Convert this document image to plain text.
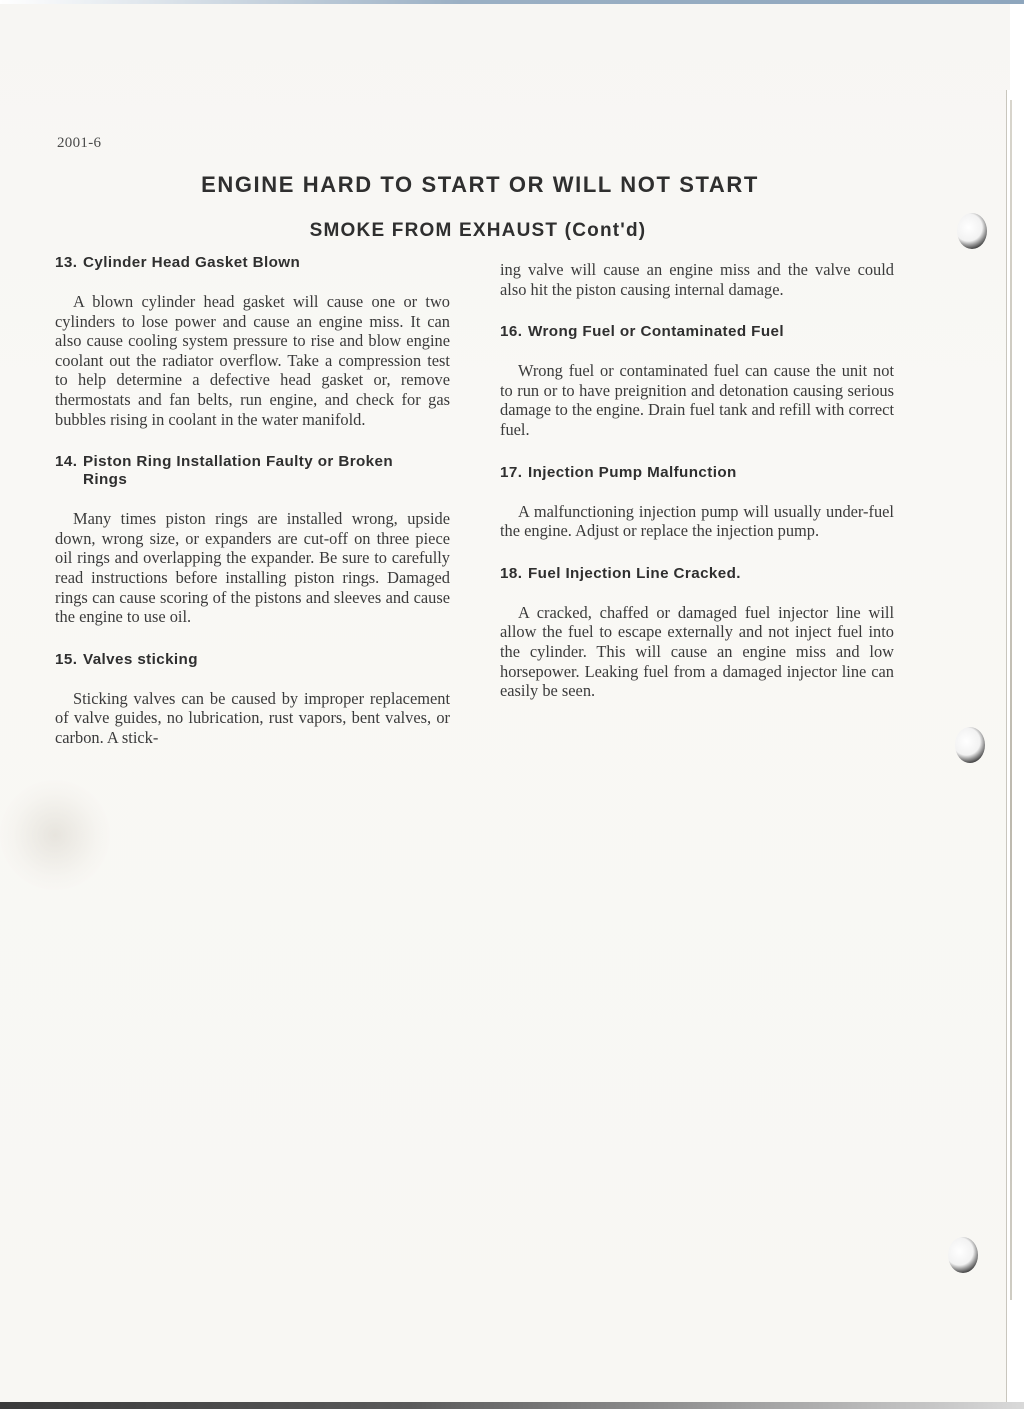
2001-6
ENGINE HARD TO START OR WILL NOT START
SMOKE FROM EXHAUST (Cont'd)
13. Cylinder Head Gasket Blown

A blown cylinder head gasket will cause one or two cylinders to lose power and cause an engine miss. It can also cause cooling system pressure to rise and blow engine coolant out the radiator overflow. Take a compression test to help determine a defective head gasket or, remove thermostats and fan belts, run engine, and check for gas bubbles rising in coolant in the water manifold.

14. Piston Ring Installation Faulty or Broken
Rings

Many times piston rings are installed wrong, upside down, wrong size, or expanders are cut-off on three piece oil rings and overlapping the expander. Be sure to carefully read instructions before installing piston rings. Damaged rings can cause scoring of the pistons and sleeves and cause the engine to use oil.

15. Valves sticking

Sticking valves can be caused by improper replacement of valve guides, no lubrication, rust vapors, bent valves, or carbon. A stick-

ing valve will cause an engine miss and the valve could also hit the piston causing internal damage.

16. Wrong Fuel or Contaminated Fuel

Wrong fuel or contaminated fuel can cause the unit not to run or to have preignition and detonation causing serious damage to the engine. Drain fuel tank and refill with correct fuel.

17. Injection Pump Malfunction

A malfunctioning injection pump will usually under-fuel the engine. Adjust or replace the injection pump.

18. Fuel Injection Line Cracked.

A cracked, chaffed or damaged fuel injector line will allow the fuel to escape externally and not inject fuel into the cylinder. This will cause an engine miss and low horsepower. Leaking fuel from a damaged injector line can easily be seen.
